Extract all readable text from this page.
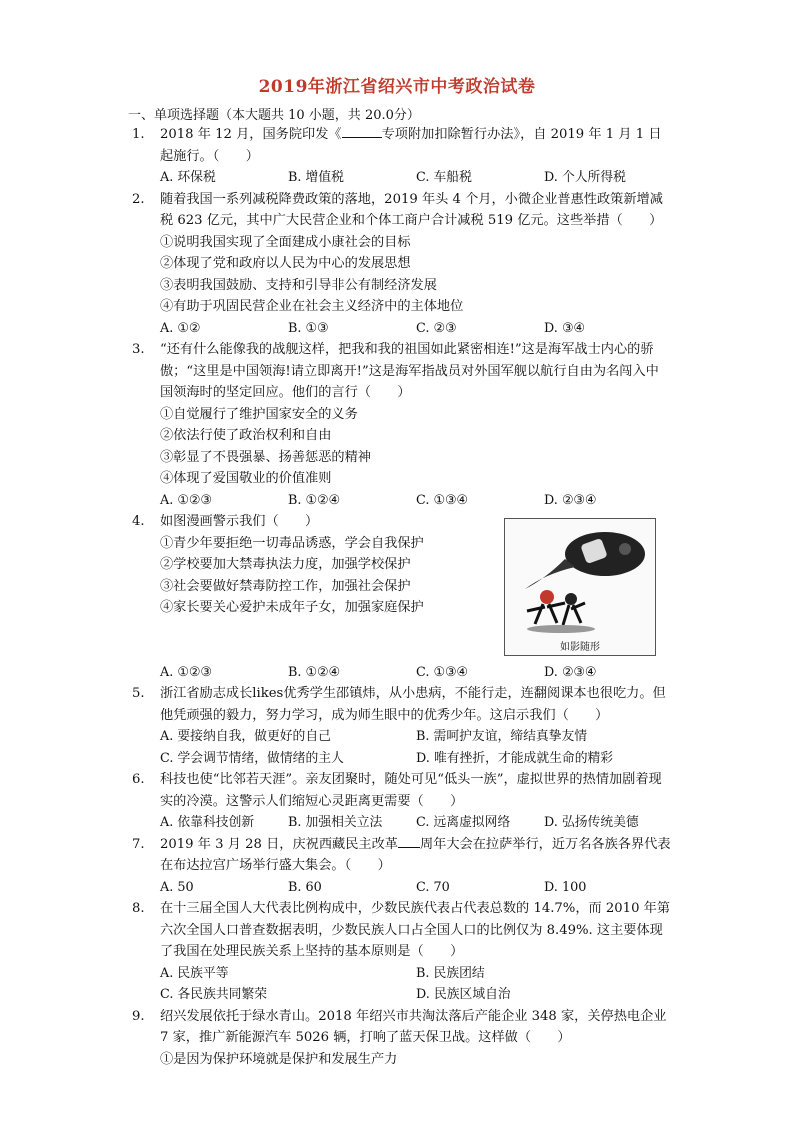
2019年浙江省绍兴市中考政治试卷
一、单项选择题（本大题共 10 小题，共 20.0分）
1.	2018 年 12 月，国务院印发《	专项附加扣除暂行办法》，自 2019 年 1 月 1 日起施行。（　　）
A. 环保税	B. 增值税	C. 车船税	D. 个人所得税
2.	随着我国一系列减税降费政策的落地，2019 年头 4 个月，小微企业普惠性政策新增减税 623 亿元，其中广大民营企业和个体工商户合计减税 519 亿元。这些举措（　　）
①说明我国实现了全面建成小康社会的目标
②体现了党和政府以人民为中心的发展思想
③表明我国鼓励、支持和引导非公有制经济发展
④有助于巩固民营企业在社会主义经济中的主体地位
A. ①②	B. ①③	C. ②③	D. ③④
3.	“还有什么能像我的战舰这样，把我和我的祖国如此紧密相连!”这是海军战士内心的骄傲；“这里是中国领海!请立即离开!”这是海军指战员对外国军舰以航行自由为名闯入中国领海时的坚定回应。他们的言行（　　）
①自觉履行了维护国家安全的义务
②依法行使了政治权利和自由
③彰显了不畏强暴、扬善惩恶的精神
④体现了爱国敬业的价值准则
A. ①②③	B. ①②④	C. ①③④	D. ②③④
4.	如图漫画警示我们（　　）
①青少年要拒绝一切毒品诱惑，学会自我保护
②学校要加大禁毒执法力度，加强学校保护
③社会要做好禁毒防控工作，加强社会保护
④家长要关心爱护未成年子女，加强家庭保护
A. ①②③	B. ①②④	C. ①③④	D. ②③④
5.	浙江省励志成长likes优秀学生邵镇炜，从小患病，不能行走，连翻阅课本也很吃力。但他凭顽强的毅力，努力学习，成为师生眼中的优秀少年。这启示我们（　　）
A. 要接纳自我，做更好的自己	B. 需呵护友谊，缔结真挚友情
C. 学会调节情绪，做情绪的主人	D. 唯有挫折，才能成就生命的精彩
6.	科技也使“比邻若天涯”。亲友团聚时，随处可见“低头一族”，虚拟世界的热情加剧着现实的冷漠。这警示人们缩短心灵距离更需要（　　）
A. 依靠科技创新	B. 加强相关立法	C. 远离虚拟网络	D. 弘扬传统美德
7.	2019 年 3 月 28 日，庆祝西藏民主改革 周年大会在拉萨举行，近万名各族各界代表在布达拉宫广场举行盛大集会。（　　）
A. 50	B. 60	C. 70	D. 100
8.	在十三届全国人大代表比例构成中，少数民族代表占代表总数的 14.7%，而 2010 年第六次全国人口普查数据表明，少数民族人口占全国人口的比例仅为 8.49%. 这主要体现了我国在处理民族关系上坚持的基本原则是（　　）
A. 民族平等	B. 民族团结
C. 各民族共同繁荣	D. 民族区域自治
9.	绍兴发展依托于绿水青山。2018 年绍兴市共淘汰落后产能企业 348 家，关停热电企业 7 家，推广新能源汽车 5026 辆，打响了蓝天保卫战。这样做（　　）
①是因为保护环境就是保护和发展生产力
如影随形
